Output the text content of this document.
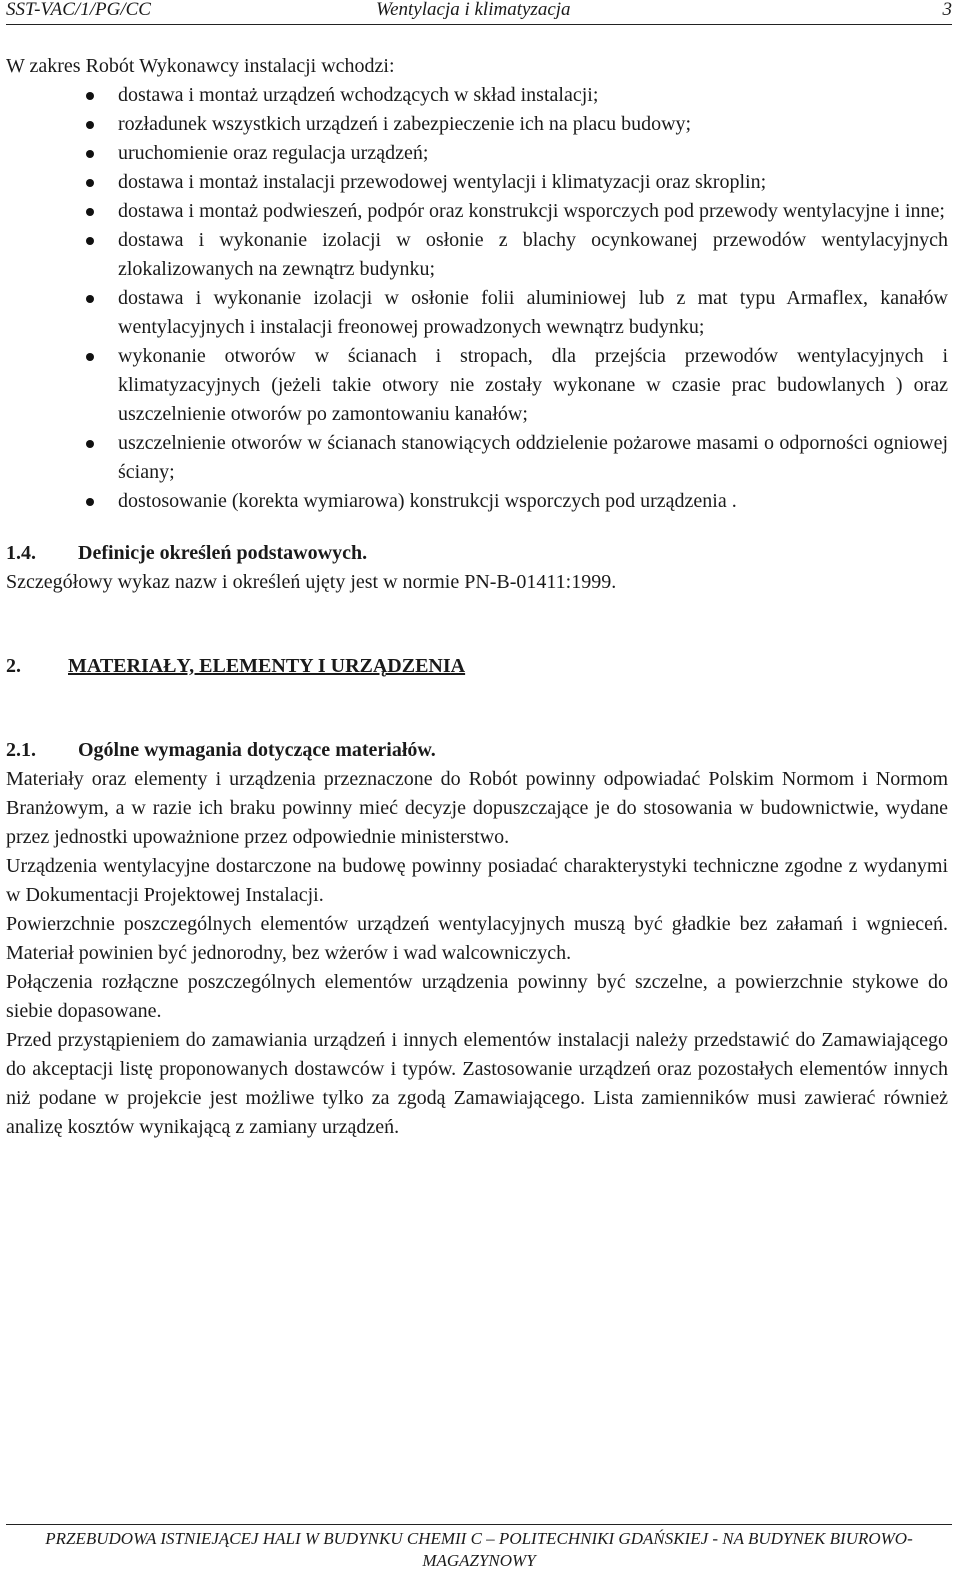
SST-VAC/1/PG/CC	Wentylacja i klimatyzacja	3

W zakres Robót Wykonawcy instalacji wchodzi:

dostawa i montaż urządzeń wchodzących w skład instalacji;
rozładunek wszystkich urządzeń i zabezpieczenie ich na placu budowy;
uruchomienie oraz regulacja urządzeń;
dostawa i montaż instalacji przewodowej wentylacji i klimatyzacji oraz skroplin;
dostawa i montaż podwieszeń, podpór oraz konstrukcji wsporczych pod przewody wentylacyjne i inne;
dostawa i wykonanie izolacji w osłonie z blachy ocynkowanej przewodów wentylacyjnych zlokalizowanych na zewnątrz budynku;
dostawa i wykonanie izolacji w osłonie folii aluminiowej lub z mat typu Armaflex, kanałów wentylacyjnych i instalacji freonowej prowadzonych wewnątrz budynku;
wykonanie otworów w ścianach i stropach, dla przejścia przewodów wentylacyjnych i klimatyzacyjnych (jeżeli takie otwory nie zostały wykonane w czasie prac budowlanych ) oraz uszczelnienie otworów po zamontowaniu kanałów;
uszczelnienie otworów w ścianach stanowiących oddzielenie pożarowe masami o odporności ogniowej ściany;
dostosowanie (korekta wymiarowa) konstrukcji wsporczych pod urządzenia .
1.4. Definicje określeń podstawowych.

Szczegółowy wykaz nazw i określeń ujęty jest w normie PN-B-01411:1999.

2. MATERIAŁY, ELEMENTY I URZĄDZENIA
2.1. Ogólne wymagania dotyczące materiałów.

Materiały oraz elementy i urządzenia przeznaczone do Robót powinny odpowiadać Polskim Normom i Normom Branżowym, a w razie ich braku powinny mieć decyzje dopuszczające je do stosowania w budownictwie, wydane przez jednostki upoważnione przez odpowiednie ministerstwo.

Urządzenia wentylacyjne dostarczone na budowę powinny posiadać charakterystyki techniczne zgodne z wydanymi w Dokumentacji Projektowej Instalacji.

Powierzchnie poszczególnych elementów urządzeń wentylacyjnych muszą być gładkie bez załamań i wgnieceń. Materiał powinien być jednorodny, bez wżerów i wad walcowniczych.

Połączenia rozłączne poszczególnych elementów urządzenia powinny być szczelne, a powierzchnie stykowe do siebie dopasowane.

Przed przystąpieniem do zamawiania urządzeń i innych elementów instalacji należy przedstawić do Zamawiającego do akceptacji listę proponowanych dostawców i typów. Zastosowanie urządzeń oraz pozostałych elementów innych niż podane w projekcie jest możliwe tylko za zgodą Zamawiającego. Lista zamienników musi zawierać również analizę kosztów wynikającą z zamiany urządzeń.

PRZEBUDOWA ISTNIEJĄCEJ HALI W BUDYNKU CHEMII C – POLITECHNIKI GDAŃSKIEJ - NA BUDYNEK BIUROWO-MAGAZYNOWY
